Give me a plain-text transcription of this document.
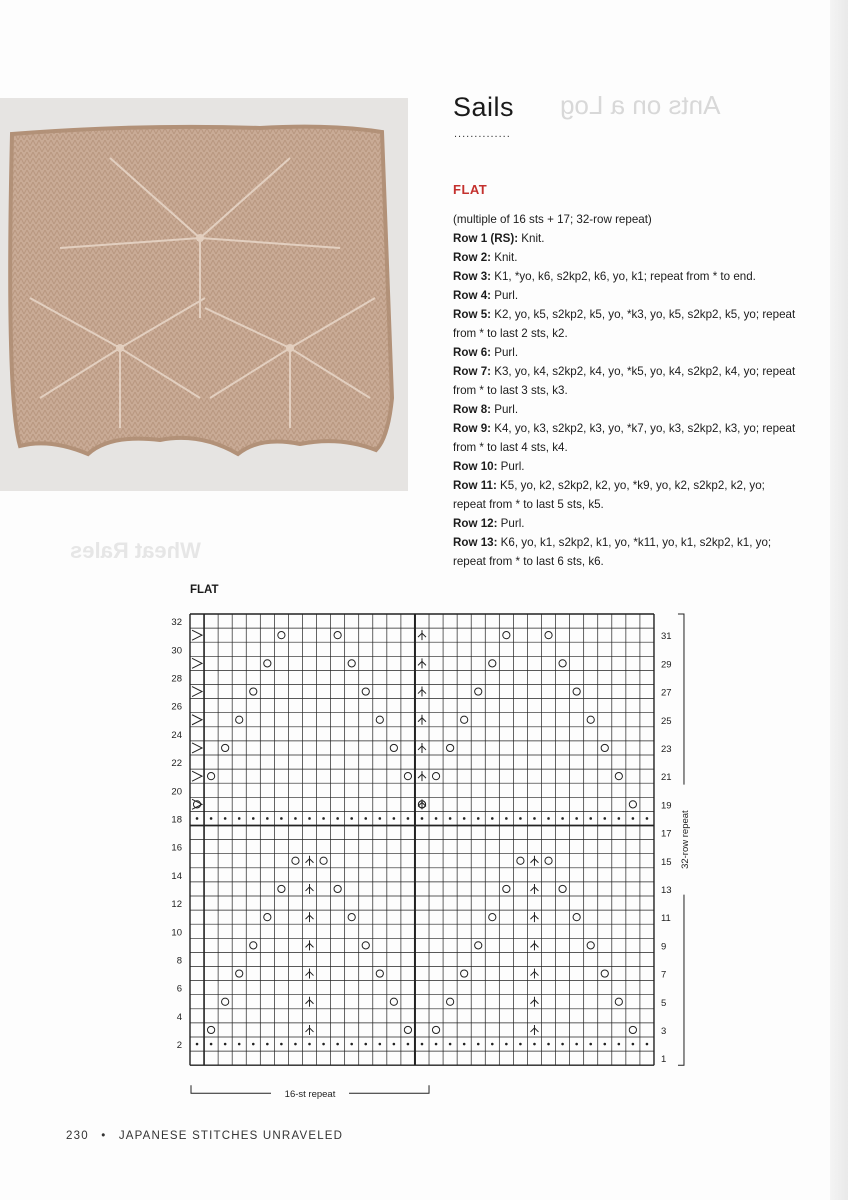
Ants on a Log
Wheat Rales
Sails
..............
FLAT

(multiple of 16 sts + 17; 32-row repeat)

Row 1 (RS): Knit.

Row 2: Knit.

Row 3: K1, *yo, k6, s2kp2, k6, yo, k1; repeat from * to end.

Row 4: Purl.

Row 5: K2, yo, k5, s2kp2, k5, yo, *k3, yo, k5, s2kp2, k5, yo; repeat from * to last 2 sts, k2.

Row 6: Purl.

Row 7: K3, yo, k4, s2kp2, k4, yo, *k5, yo, k4, s2kp2, k4, yo; repeat from * to last 3 sts, k3.

Row 8: Purl.

Row 9: K4, yo, k3, s2kp2, k3, yo, *k7, yo, k3, s2kp2, k3, yo; repeat from * to last 4 sts, k4.

Row 10: Purl.

Row 11: K5, yo, k2, s2kp2, k2, yo, *k9, yo, k2, s2kp2, k2, yo; repeat from * to last 5 sts, k5.

Row 12: Purl.

Row 13: K6, yo, k1, s2kp2, k1, yo, *k11, yo, k1, s2kp2, k1, yo; repeat from * to last 6 sts, k6.

FLAT
2
4
6
8
10
12
14
16
18
20
22
24
26
28
30
32
1
3
5
7
9
11
13
15
17
19
21
23
25
27
29
31
32-row repeat
16-st repeat
230 • JAPANESE STITCHES UNRAVELED
